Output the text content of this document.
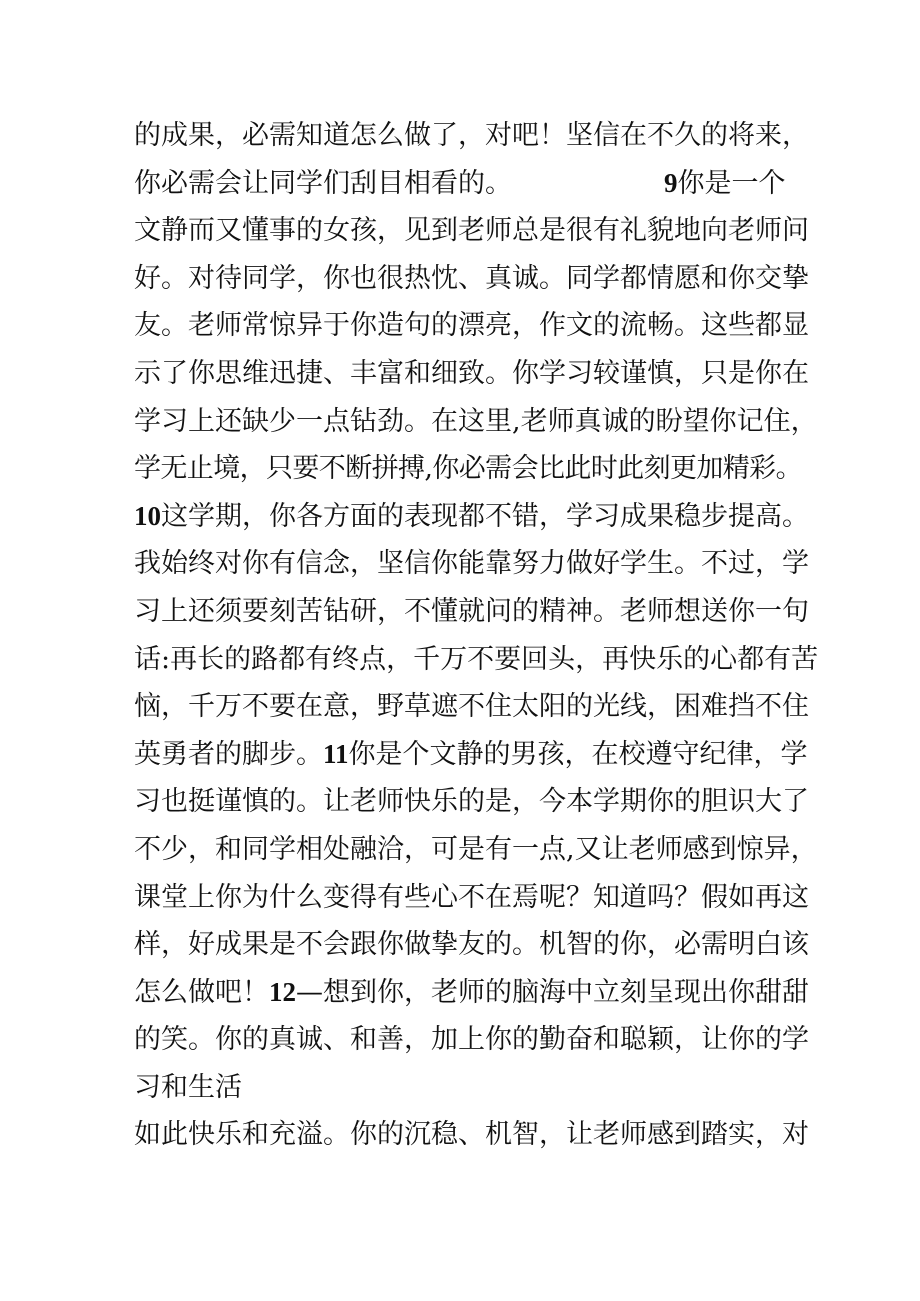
的成果，必需知道怎么做了，对吧！坚信在不久的将来，
你必需会让同学们刮目相看的。	9你是一个
文静而又懂事的女孩，见到老师总是很有礼貌地向老师问
好。对待同学，你也很热忱、真诚。同学都情愿和你交挚
友。老师常惊异于你造句的漂亮，作文的流畅。这些都显
示了你思维迅捷、丰富和细致。你学习较谨慎，只是你在
学习上还缺少一点钻劲。在这里,老师真诚的盼望你记住，
学无止境，只要不断拼搏,你必需会比此时此刻更加精彩。
10这学期，你各方面的表现都不错，学习成果稳步提高。
我始终对你有信念，坚信你能靠努力做好学生。不过，学
习上还须要刻苦钻研，不懂就问的精神。老师想送你一句
话:再长的路都有终点，千万不要回头，再快乐的心都有苦
恼，千万不要在意，野草遮不住太阳的光线，困难挡不住
英勇者的脚步。11你是个文静的男孩，在校遵守纪律，学
习也挺谨慎的。让老师快乐的是，今本学期你的胆识大了
不少，和同学相处融洽，可是有一点,又让老师感到惊异，
课堂上你为什么变得有些心不在焉呢？知道吗？假如再这
样，好成果是不会跟你做挚友的。机智的你，必需明白该
怎么做吧！12—想到你，老师的脑海中立刻呈现出你甜甜
的笑。你的真诚、和善，加上你的勤奋和聪颖，让你的学
习和生活
如此快乐和充溢。你的沉稳、机智，让老师感到踏实，对
